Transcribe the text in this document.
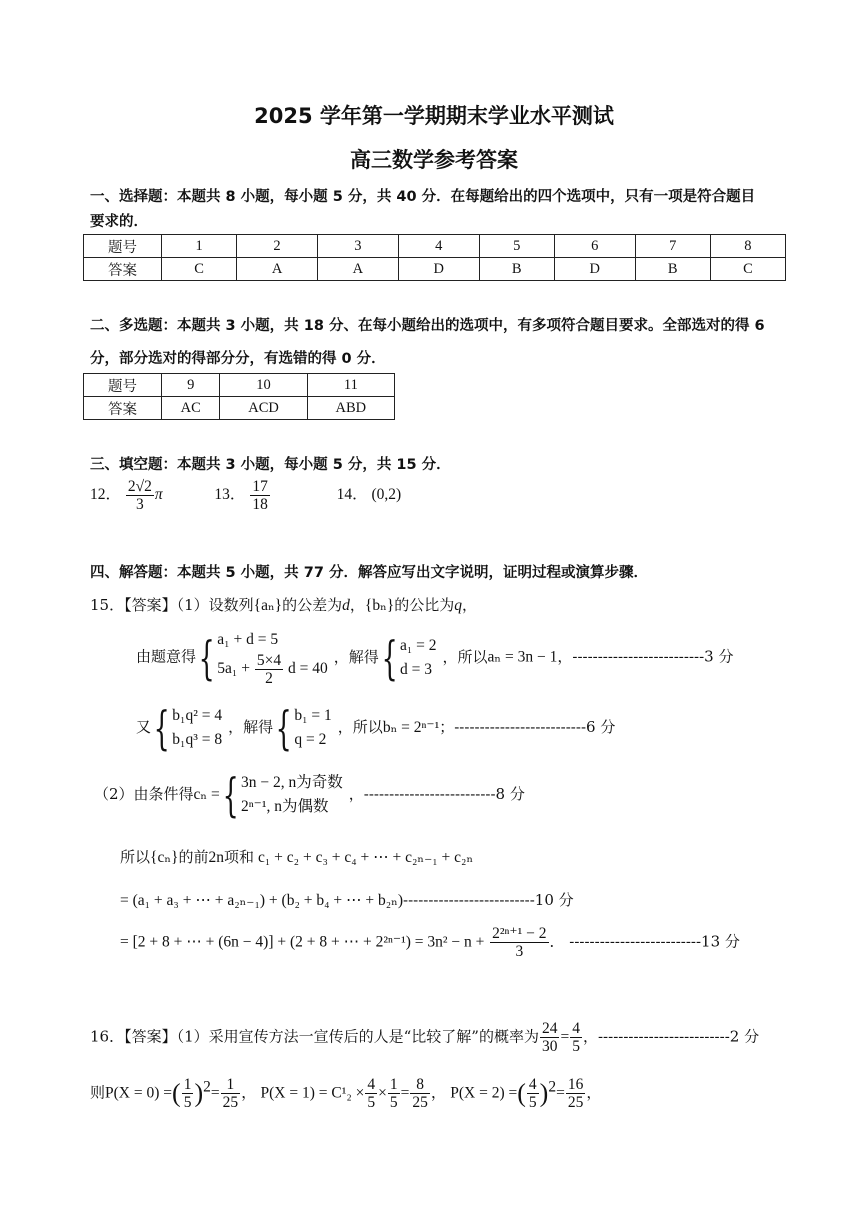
2025 学年第一学期期末学业水平测试
高三数学参考答案
一、选择题：本题共 8 小题，每小题 5 分，共 40 分．在每题给出的四个选项中，只有一项是符合题目
要求的．
题号	1	2	3	4	5	6	7	8
答案	C	A	A	D	B	D	B	C
二、多选题：本题共 3 小题，共 18 分、在每小题给出的选项中，有多项符合题目要求。全部选对的得 6
分，部分选对的得部分分，有选错的得 0 分．
题号	9	10	11
答案	AC	ACD	ABD
三、填空题：本题共 3 小题，每小题 5 分，共 15 分．
12． $\frac{2√2}{3}$ π	13． $\frac{17}{18}$	14． (0,2)
四、解答题：本题共 5 小题，共 77 分．解答应写出文字说明，证明过程或演算步骤．
15．【答案】（1）设数列{aₙ}的公差为d，{bₙ}的公比为q，
由题意得{ a₁ + d = 5
$5a_1 + \frac{5\times 4}{2}$ d = 40
，解得{ a₁ = 2
d = 3
，所以aₙ = 3n − 1，--------------------------3 分
又{ b₁q² = 4
b₁q³ = 8
，解得{ b₁ = 1
q = 2
，所以bₙ = 2ⁿ⁻¹；--------------------------6 分
（2）由条件得cₙ ={ 3n − 2, n为奇数
2ⁿ⁻¹, n为偶数
，--------------------------8 分
所以{cₙ}的前2n项和 c₁ + c₂ + c₃ + c₄ + ⋯ + c₂ₙ₋₁ + c₂ₙ
= (a₁ + a₃ + ⋯ + a₂ₙ₋₁) + (b₂ + b₄ + ⋯ + b₂ₙ)--------------------------10 分
= [2 + 8 + ⋯ + (6n − 4)] + (2 + 8 + ⋯ + $2^{2n-1}) = 3n^2 - n + \frac{\text{2²ⁿ⁺¹ − 2}}{3}$ ． --------------------------13 分
16．【答案】（1）采用宣传方法一宣传后的人是“比较了解”的概率为 $\frac{24}{30} = \frac{4}{5}$ ，--------------------------2 分
则P(X = 0) =( $\frac{1}{5} )^2= \frac{1}{25}$ ， $P(X = 1) = C^1_2 \times \frac{4}{5} \times \frac{1}{5} = \frac{8}{25}$ ， P(X = 2) =( $\frac{4}{5} )^2= \frac{16}{25}$ ，
